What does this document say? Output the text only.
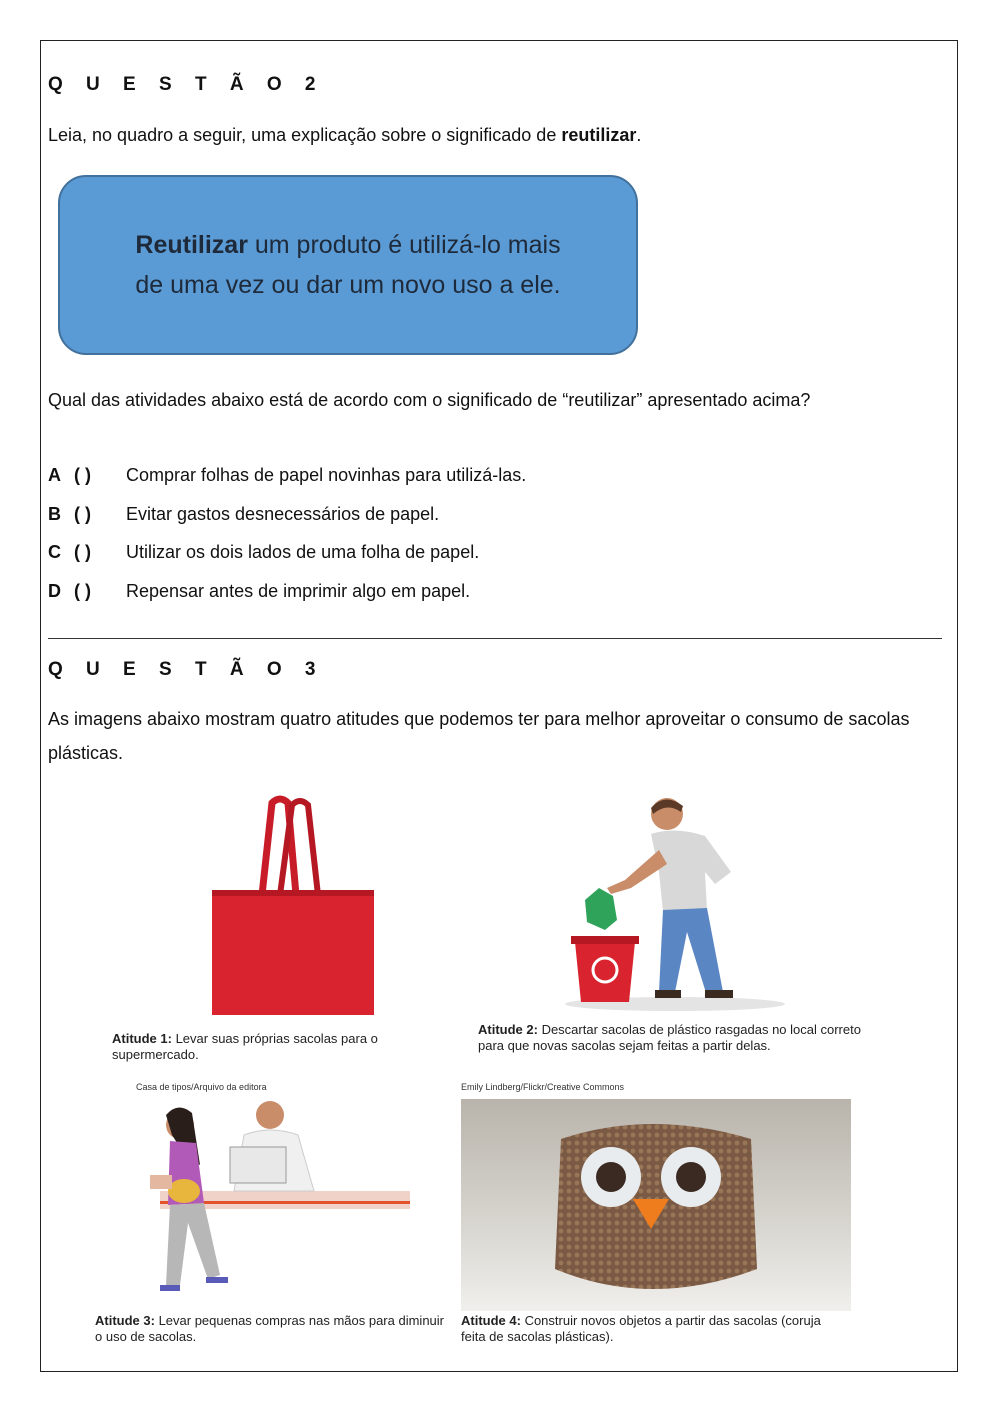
Q U E S T Ã O 2
Leia, no quadro a seguir, uma explicação sobre o significado de reutilizar.

Reutilizar um produto é utilizá-lo mais de uma vez ou dar um novo uso a ele.

Qual das atividades abaixo está de acordo com o significado de “reutilizar” apresentado acima?
A ( ) Comprar folhas de papel novinhas para utilizá-las.
B ( ) Evitar gastos desnecessários de papel.
C ( ) Utilizar os dois lados de uma folha de papel.
D ( ) Repensar antes de imprimir algo em papel.
Q U E S T Ã O 3
As imagens abaixo mostram quatro atitudes que podemos ter para melhor aproveitar o consumo de sacolas plásticas.
Atitude 1: Levar suas próprias sacolas para o supermercado.
Atitude 2: Descartar sacolas de plástico rasgadas no local correto para que novas sacolas sejam feitas a partir delas.
Casa de tipos/Arquivo da editora	Emily Lindberg/Flickr/Creative Commons
Atitude 3: Levar pequenas compras nas mãos para diminuir o uso de sacolas.
Atitude 4: Construir novos objetos a partir das sacolas (coruja feita de sacolas plásticas).
